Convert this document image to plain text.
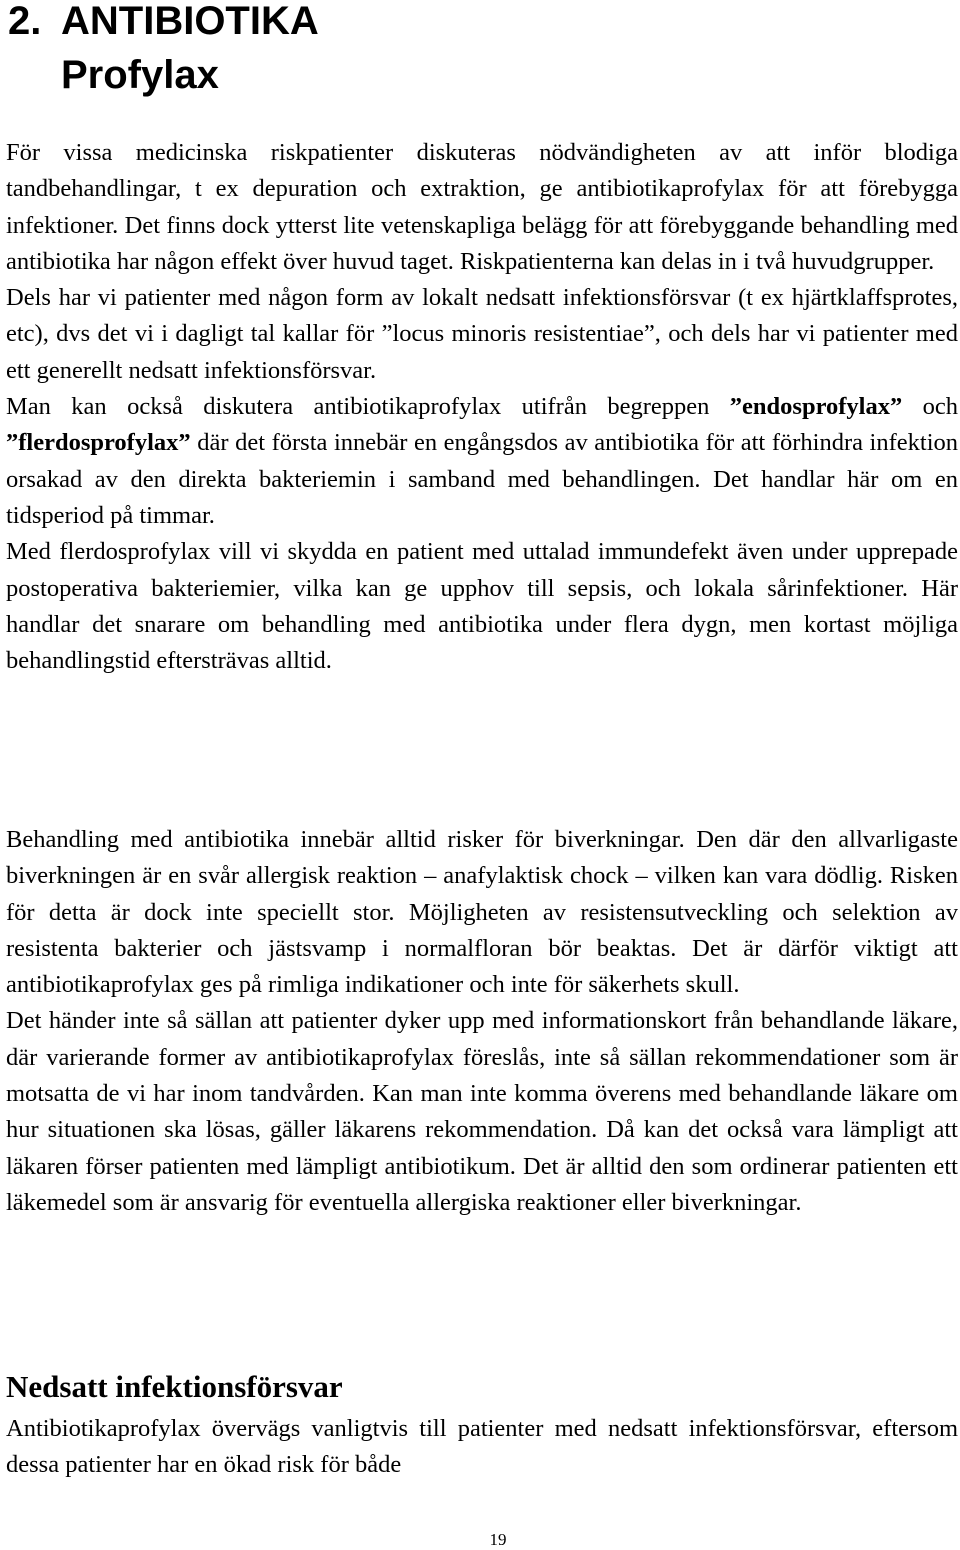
2. ANTIBIOTIKA
Profylax

För vissa medicinska riskpatienter diskuteras nödvändigheten av att inför blodiga tandbehandlingar, t ex depuration och extraktion, ge antibiotikaprofylax för att förebygga infektioner. Det finns dock ytterst lite vetenskapliga belägg för att förebyggande behandling med antibiotika har någon effekt över huvud taget. Riskpatienterna kan delas in i två huvudgrupper.

Dels har vi patienter med någon form av lokalt nedsatt infektionsförsvar (t ex hjärtklaffsprotes, etc), dvs det vi i dagligt tal kallar för ”locus minoris resistentiae”, och dels har vi patienter med ett generellt nedsatt infektionsförsvar.

Man kan också diskutera antibiotikaprofylax utifrån begreppen ”endosprofylax” och ”flerdosprofylax” där det första innebär en engångsdos av antibiotika för att förhindra infektion orsakad av den direkta bakteriemin i samband med behandlingen. Det handlar här om en tidsperiod på timmar.

Med flerdosprofylax vill vi skydda en patient med uttalad immundefekt även under upprepade postoperativa bakteriemier, vilka kan ge upphov till sepsis, och lokala sårinfektioner. Här handlar det snarare om behandling med antibiotika under flera dygn, men kortast möjliga behandlingstid eftersträvas alltid.

Behandling med antibiotika innebär alltid risker för biverkningar. Den där den allvarligaste biverkningen är en svår allergisk reaktion – anafylaktisk chock – vilken kan vara dödlig. Risken för detta är dock inte speciellt stor. Möjligheten av resistensutveckling och selektion av resistenta bakterier och jästsvamp i normalfloran bör beaktas. Det är därför viktigt att antibiotikaprofylax ges på rimliga indikationer och inte för säkerhets skull.

Det händer inte så sällan att patienter dyker upp med informationskort från behandlande läkare, där varierande former av antibiotikaprofylax föreslås, inte så sällan rekommendationer som är motsatta de vi har inom tandvården. Kan man inte komma överens med behandlande läkare om hur situationen ska lösas, gäller läkarens rekommendation. Då kan det också vara lämpligt att läkaren förser patienten med lämpligt antibiotikum. Det är alltid den som ordinerar patienten ett läkemedel som är ansvarig för eventuella allergiska reaktioner eller biverkningar.

Nedsatt infektionsförsvar

Antibiotikaprofylax övervägs vanligtvis till patienter med nedsatt infektionsförsvar, eftersom dessa patienter har en ökad risk för både

19
